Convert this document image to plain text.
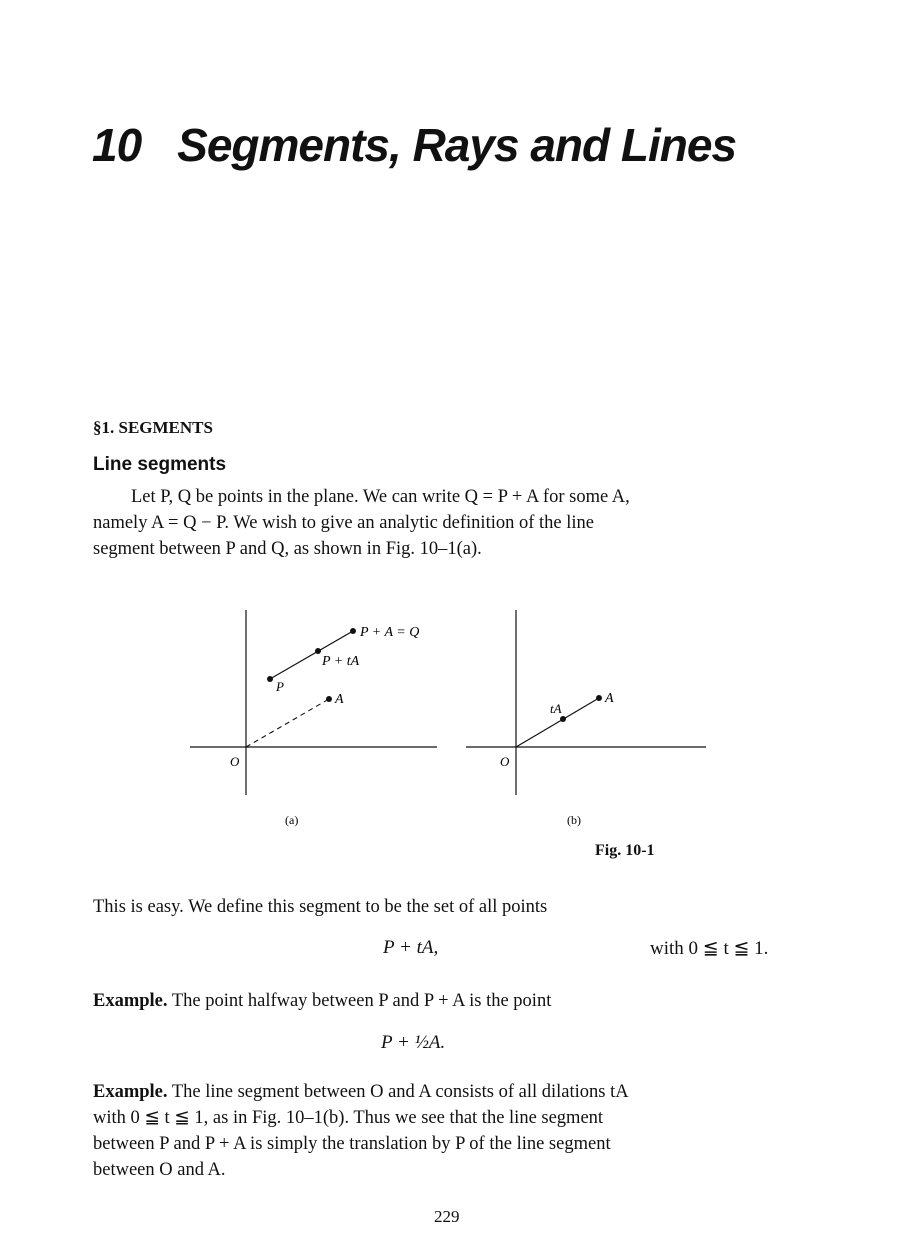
10 Segments, Rays and Lines
§1. SEGMENTS
Line segments
Let P, Q be points in the plane. We can write Q = P + A for some A,
namely A = Q − P. We wish to give an analytic definition of the line
segment between P and Q, as shown in Fig. 10–1(a).
P + A = Q
P + tA
P
A
O
(a)
tA
A
O
(b)
Fig. 10-1
This is easy. We define this segment to be the set of all points
P + tA,	with 0 ≦ t ≦ 1.
Example. The point halfway between P and P + A is the point
P + ½A.
Example. The line segment between O and A consists of all dilations tA
with 0 ≦ t ≦ 1, as in Fig. 10–1(b). Thus we see that the line segment
between P and P + A is simply the translation by P of the line segment
between O and A.
229
